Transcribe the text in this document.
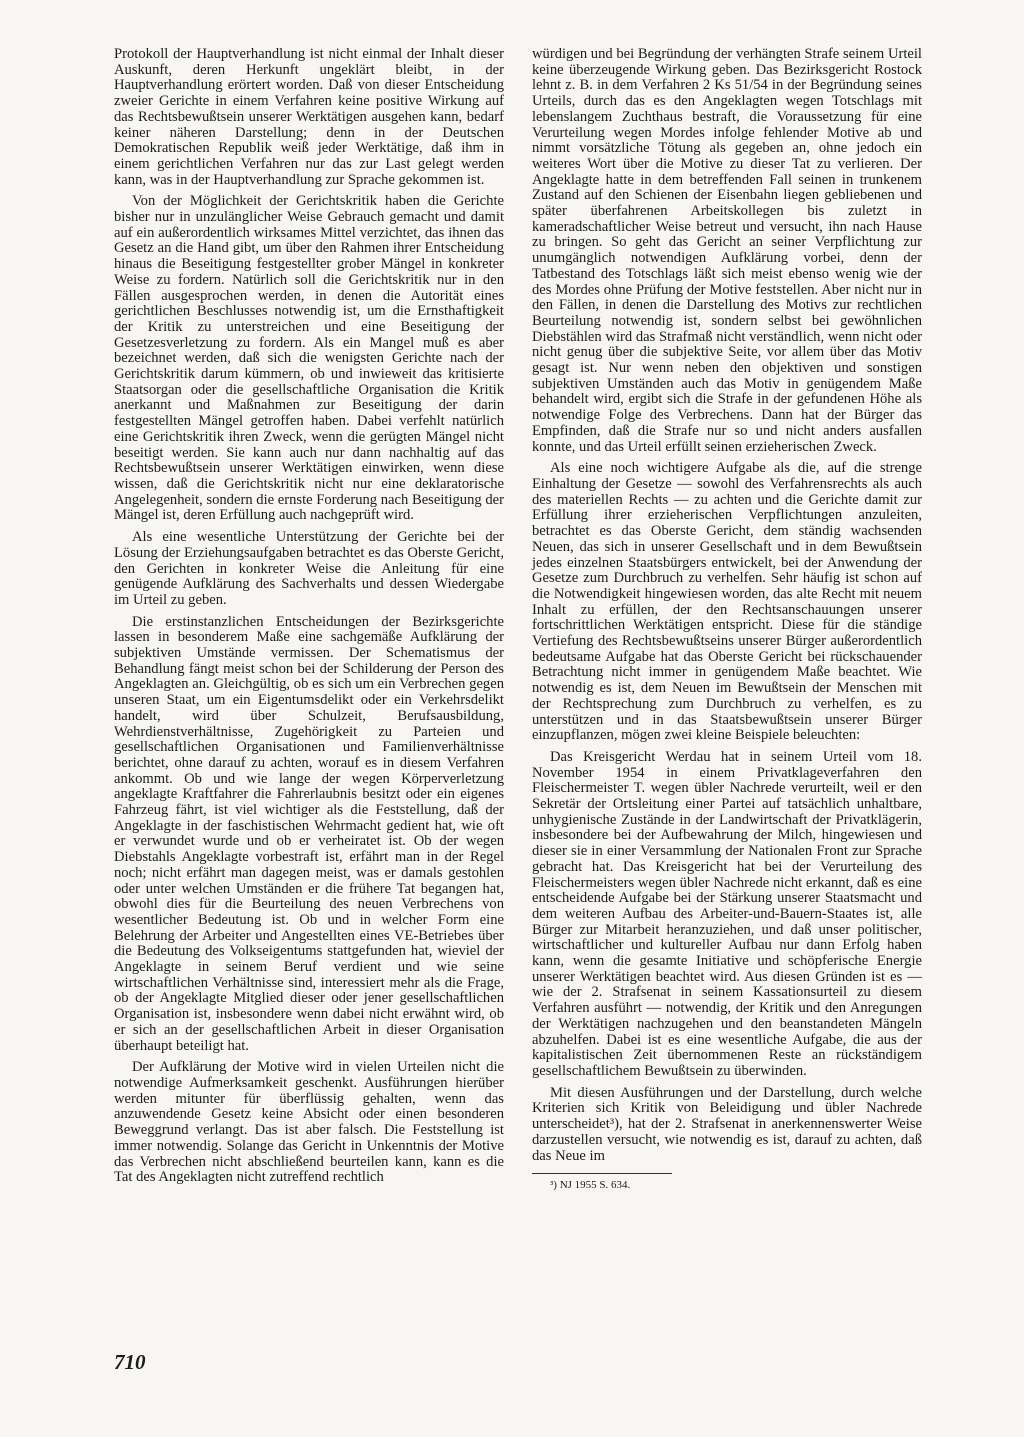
Protokoll der Hauptverhandlung ist nicht einmal der Inhalt dieser Auskunft, deren Herkunft ungeklärt bleibt, in der Hauptverhandlung erörtert worden. Daß von dieser Entscheidung zweier Gerichte in einem Verfahren keine positive Wirkung auf das Rechtsbewußtsein unserer Werktätigen ausgehen kann, bedarf keiner näheren Darstellung; denn in der Deutschen Demokratischen Republik weiß jeder Werktätige, daß ihm in einem gerichtlichen Verfahren nur das zur Last gelegt werden kann, was in der Hauptverhandlung zur Sprache gekommen ist.

Von der Möglichkeit der Gerichtskritik haben die Gerichte bisher nur in unzulänglicher Weise Gebrauch gemacht und damit auf ein außerordentlich wirksames Mittel verzichtet, das ihnen das Gesetz an die Hand gibt, um über den Rahmen ihrer Entscheidung hinaus die Beseitigung festgestellter grober Mängel in konkreter Weise zu fordern. Natürlich soll die Gerichtskritik nur in den Fällen ausgesprochen werden, in denen die Autorität eines gerichtlichen Beschlusses notwendig ist, um die Ernsthaftigkeit der Kritik zu unterstreichen und eine Beseitigung der Gesetzesverletzung zu fordern. Als ein Mangel muß es aber bezeichnet werden, daß sich die wenigsten Gerichte nach der Gerichtskritik darum kümmern, ob und inwieweit das kritisierte Staatsorgan oder die gesellschaftliche Organisation die Kritik anerkannt und Maßnahmen zur Beseitigung der darin festgestellten Mängel getroffen haben. Dabei verfehlt natürlich eine Gerichtskritik ihren Zweck, wenn die gerügten Mängel nicht beseitigt werden. Sie kann auch nur dann nachhaltig auf das Rechtsbewußtsein unserer Werktätigen einwirken, wenn diese wissen, daß die Gerichtskritik nicht nur eine deklaratorische Angelegenheit, sondern die ernste Forderung nach Beseitigung der Mängel ist, deren Erfüllung auch nachgeprüft wird.

Als eine wesentliche Unterstützung der Gerichte bei der Lösung der Erziehungsaufgaben betrachtet es das Oberste Gericht, den Gerichten in konkreter Weise die Anleitung für eine genügende Aufklärung des Sachverhalts und dessen Wiedergabe im Urteil zu geben.

Die erstinstanzlichen Entscheidungen der Bezirksgerichte lassen in besonderem Maße eine sachgemäße Aufklärung der subjektiven Umstände vermissen. Der Schematismus der Behandlung fängt meist schon bei der Schilderung der Person des Angeklagten an. Gleichgültig, ob es sich um ein Verbrechen gegen unseren Staat, um ein Eigentumsdelikt oder ein Verkehrsdelikt handelt, wird über Schulzeit, Berufsausbildung, Wehrdienstverhältnisse, Zugehörigkeit zu Parteien und gesellschaftlichen Organisationen und Familienverhältnisse berichtet, ohne darauf zu achten, worauf es in diesem Verfahren ankommt. Ob und wie lange der wegen Körperverletzung angeklagte Kraftfahrer die Fahrerlaubnis besitzt oder ein eigenes Fahrzeug fährt, ist viel wichtiger als die Feststellung, daß der Angeklagte in der faschistischen Wehrmacht gedient hat, wie oft er verwundet wurde und ob er verheiratet ist. Ob der wegen Diebstahls Angeklagte vorbestraft ist, erfährt man in der Regel noch; nicht erfährt man dagegen meist, was er damals gestohlen oder unter welchen Umständen er die frühere Tat begangen hat, obwohl dies für die Beurteilung des neuen Verbrechens von wesentlicher Bedeutung ist. Ob und in welcher Form eine Belehrung der Arbeiter und Angestellten eines VE-Betriebes über die Bedeutung des Volkseigentums stattgefunden hat, wieviel der Angeklagte in seinem Beruf verdient und wie seine wirtschaftlichen Verhältnisse sind, interessiert mehr als die Frage, ob der Angeklagte Mitglied dieser oder jener gesellschaftlichen Organisation ist, insbesondere wenn dabei nicht erwähnt wird, ob er sich an der gesellschaftlichen Arbeit in dieser Organisation überhaupt beteiligt hat.

Der Aufklärung der Motive wird in vielen Urteilen nicht die notwendige Aufmerksamkeit geschenkt. Ausführungen hierüber werden mitunter für überflüssig gehalten, wenn das anzuwendende Gesetz keine Absicht oder einen besonderen Beweggrund verlangt. Das ist aber falsch. Die Feststellung ist immer notwendig. Solange das Gericht in Unkenntnis der Motive das Verbrechen nicht abschließend beurteilen kann, kann es die Tat des Angeklagten nicht zutreffend rechtlich

würdigen und bei Begründung der verhängten Strafe seinem Urteil keine überzeugende Wirkung geben. Das Bezirksgericht Rostock lehnt z. B. in dem Verfahren 2 Ks 51/54 in der Begründung seines Urteils, durch das es den Angeklagten wegen Totschlags mit lebenslangem Zuchthaus bestraft, die Voraussetzung für eine Verurteilung wegen Mordes infolge fehlender Motive ab und nimmt vorsätzliche Tötung als gegeben an, ohne jedoch ein weiteres Wort über die Motive zu dieser Tat zu verlieren. Der Angeklagte hatte in dem betreffenden Fall seinen in trunkenem Zustand auf den Schienen der Eisenbahn liegen gebliebenen und später überfahrenen Arbeitskollegen bis zuletzt in kameradschaftlicher Weise betreut und versucht, ihn nach Hause zu bringen. So geht das Gericht an seiner Verpflichtung zur unumgänglich notwendigen Aufklärung vorbei, denn der Tatbestand des Totschlags läßt sich meist ebenso wenig wie der des Mordes ohne Prüfung der Motive feststellen. Aber nicht nur in den Fällen, in denen die Darstellung des Motivs zur rechtlichen Beurteilung notwendig ist, sondern selbst bei gewöhnlichen Diebstählen wird das Strafmaß nicht verständlich, wenn nicht oder nicht genug über die subjektive Seite, vor allem über das Motiv gesagt ist. Nur wenn neben den objektiven und sonstigen subjektiven Umständen auch das Motiv in genügendem Maße behandelt wird, ergibt sich die Strafe in der gefundenen Höhe als notwendige Folge des Verbrechens. Dann hat der Bürger das Empfinden, daß die Strafe nur so und nicht anders ausfallen konnte, und das Urteil erfüllt seinen erzieherischen Zweck.

Als eine noch wichtigere Aufgabe als die, auf die strenge Einhaltung der Gesetze — sowohl des Verfahrensrechts als auch des materiellen Rechts — zu achten und die Gerichte damit zur Erfüllung ihrer erzieherischen Verpflichtungen anzuleiten, betrachtet es das Oberste Gericht, dem ständig wachsenden Neuen, das sich in unserer Gesellschaft und in dem Bewußtsein jedes einzelnen Staatsbürgers entwickelt, bei der Anwendung der Gesetze zum Durchbruch zu verhelfen. Sehr häufig ist schon auf die Notwendigkeit hingewiesen worden, das alte Recht mit neuem Inhalt zu erfüllen, der den Rechtsanschauungen unserer fortschrittlichen Werktätigen entspricht. Diese für die ständige Vertiefung des Rechtsbewußtseins unserer Bürger außerordentlich bedeutsame Aufgabe hat das Oberste Gericht bei rückschauender Betrachtung nicht immer in genügendem Maße beachtet. Wie notwendig es ist, dem Neuen im Bewußtsein der Menschen mit der Rechtsprechung zum Durchbruch zu verhelfen, es zu unterstützen und in das Staatsbewußtsein unserer Bürger einzupflanzen, mögen zwei kleine Beispiele beleuchten:

Das Kreisgericht Werdau hat in seinem Urteil vom 18. November 1954 in einem Privatklageverfahren den Fleischermeister T. wegen übler Nachrede verurteilt, weil er den Sekretär der Ortsleitung einer Partei auf tatsächlich unhaltbare, unhygienische Zustände in der Landwirtschaft der Privatklägerin, insbesondere bei der Aufbewahrung der Milch, hingewiesen und dieser sie in einer Versammlung der Nationalen Front zur Sprache gebracht hat. Das Kreisgericht hat bei der Verurteilung des Fleischermeisters wegen übler Nachrede nicht erkannt, daß es eine entscheidende Aufgabe bei der Stärkung unserer Staatsmacht und dem weiteren Aufbau des Arbeiter-und-Bauern-Staates ist, alle Bürger zur Mitarbeit heranzuziehen, und daß unser politischer, wirtschaftlicher und kultureller Aufbau nur dann Erfolg haben kann, wenn die gesamte Initiative und schöpferische Energie unserer Werktätigen beachtet wird. Aus diesen Gründen ist es — wie der 2. Strafsenat in seinem Kassationsurteil zu diesem Verfahren ausführt — notwendig, der Kritik und den Anregungen der Werktätigen nachzugehen und den beanstandeten Mängeln abzuhelfen. Dabei ist es eine wesentliche Aufgabe, die aus der kapitalistischen Zeit übernommenen Reste an rückständigem gesellschaftlichem Bewußtsein zu überwinden.

Mit diesen Ausführungen und der Darstellung, durch welche Kriterien sich Kritik von Beleidigung und übler Nachrede unterscheidet³), hat der 2. Strafsenat in anerkennenswerter Weise darzustellen versucht, wie notwendig es ist, darauf zu achten, daß das Neue im

³) NJ 1955 S. 634.

710
